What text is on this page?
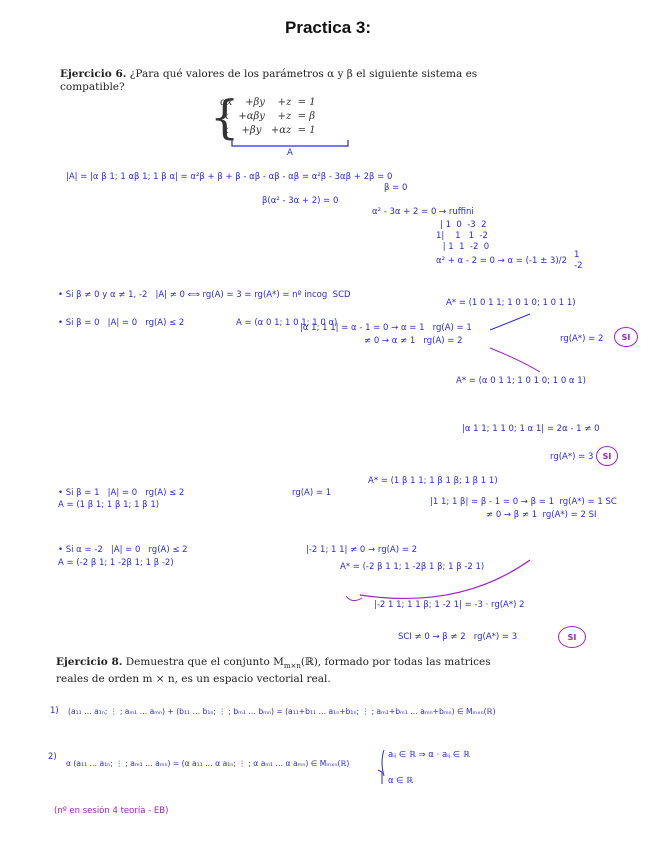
Practica 3:
Ejercicio 6. ¿Para qué valores de los parámetros α y β el siguiente sistema es compatible?
{
αx    +βy    +z  = 1
x   +αβy    +z  = β
x    +βy   +αz  = 1
A
|A| = |α β 1; 1 αβ 1; 1 β α| = α²β + β + β - αβ - αβ - αβ = α²β - 3αβ + 2β = 0
β = 0
β(α² - 3α + 2) = 0
α² - 3α + 2 = 0 → ruffini
| 1  0  -3  2
1|    1   1  -2
| 1  1  -2  0
α² + α - 2 = 0 → α = (-1 ± 3)/2
1
-2
• Si β ≠ 0 y α ≠ 1, -2   |A| ≠ 0 ⟺ rg(A) = 3 = rg(A*) = nº incog  SCD
• Si β = 0   |A| = 0   rg(A) ≤ 2	A = (α 0 1; 1 0 1; 1 0 α)
|α 1; 1 1| = α - 1 = 0 → α = 1   rg(A) = 1
≠ 0 → α ≠ 1   rg(A) = 2
A* = (1 0 1 1; 1 0 1 0; 1 0 1 1)
rg(A*) = 2	SI
A* = (α 0 1 1; 1 0 1 0; 1 0 α 1)
|α 1 1; 1 1 0; 1 α 1| = 2α - 1 ≠ 0
rg(A*) = 3	SI
• Si β = 1   |A| = 0   rg(A) ≤ 2
A = (1 β 1; 1 β 1; 1 β 1)
rg(A) = 1
A* = (1 β 1 1; 1 β 1 β; 1 β 1 1)
|1 1; 1 β| = β - 1 = 0 → β = 1  rg(A*) = 1 SC
≠ 0 → β ≠ 1  rg(A*) = 2 SI
• Si α = -2   |A| = 0   rg(A) ≤ 2
A = (-2 β 1; 1 -2β 1; 1 β -2)
|-2 1; 1 1| ≠ 0 → rg(A) = 2
A* = (-2 β 1 1; 1 -2β 1 β; 1 β -2 1)
|-2 1 1; 1 1 β; 1 -2 1| = -3 · rg(A*) 2
SCI ≠ 0 → β ≠ 2   rg(A*) = 3	SI
Ejercicio 8. Demuestra que el conjunto $M_{m\times n}(ℝ)$, formado por todas las matrices reales de orden m × n, es un espacio vectorial real.
1) (a₁₁ … a₁ₙ; ⋮ ; aₘ₁ … aₘₙ) + (b₁₁ … b₁ₙ; ⋮ ; bₘ₁ … bₘₙ) = (a₁₁+b₁₁ … a₁ₙ+b₁ₙ; ⋮ ; aₘ₁+bₘ₁ … aₘₙ+bₘₙ) ∈ Mₘₓₙ(ℝ)
2)
α (a₁₁ … a₁ₙ; ⋮ ; aₘ₁ … aₘₙ) = (α a₁₁ … α a₁ₙ; ⋮ ; α aₘ₁ … α aₘₙ) ∈ Mₘₓₙ(ℝ)
aᵢⱼ ∈ ℝ ⇒ α · aᵢⱼ ∈ ℝ
α ∈ ℝ
(nº en sesión 4 teoría - EB)
